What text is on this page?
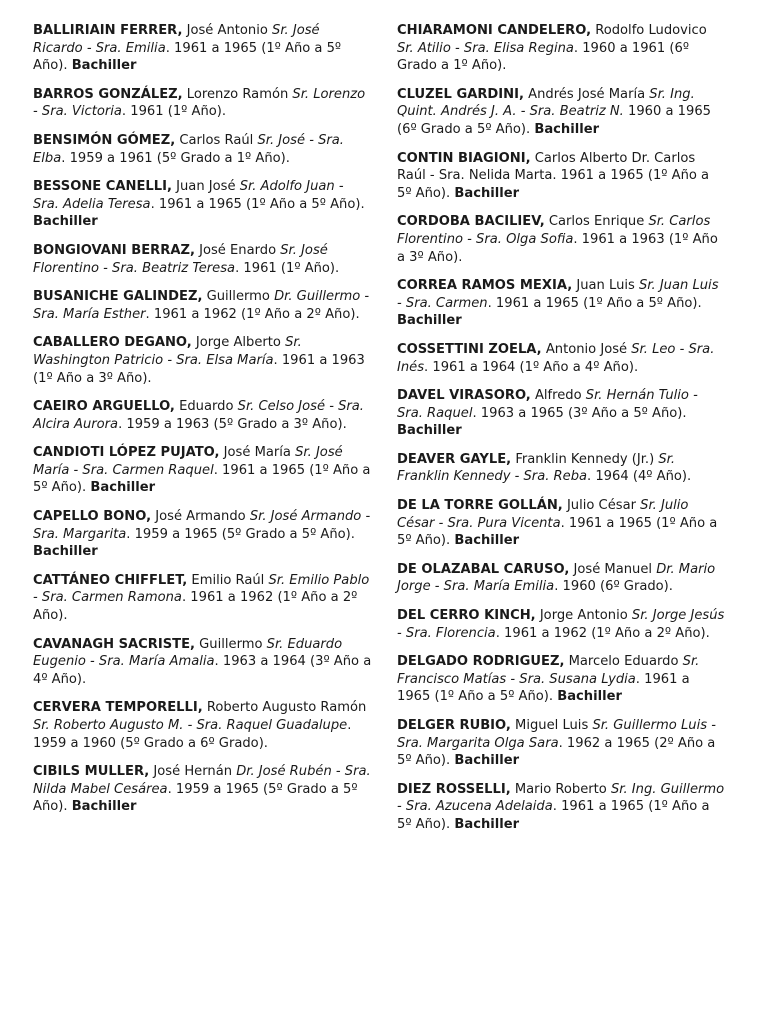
BALLIRIAIN FERRER, José Antonio Sr. José Ricardo - Sra. Emilia. 1961 a 1965 (1º Año a 5º Año). Bachiller

BARROS GONZÁLEZ, Lorenzo Ramón Sr. Lorenzo - Sra. Victoria. 1961 (1º Año).

BENSIMÓN GÓMEZ, Carlos Raúl Sr. José - Sra. Elba. 1959 a 1961 (5º Grado a 1º Año).

BESSONE CANELLI, Juan José Sr. Adolfo Juan - Sra. Adelia Teresa. 1961 a 1965 (1º Año a 5º Año). Bachiller

BONGIOVANI BERRAZ, José Enardo Sr. José Florentino - Sra. Beatriz Teresa. 1961 (1º Año).

BUSANICHE GALINDEZ, Guillermo Dr. Guillermo - Sra. María Esther. 1961 a 1962 (1º Año a 2º Año).

CABALLERO DEGANO, Jorge Alberto Sr. Washington Patricio - Sra. Elsa María. 1961 a 1963 (1º Año a 3º Año).

CAEIRO ARGUELLO, Eduardo Sr. Celso José - Sra. Alcira Aurora. 1959 a 1963 (5º Grado a 3º Año).

CANDIOTI LÓPEZ PUJATO, José María Sr. José María - Sra. Carmen Raquel. 1961 a 1965 (1º Año a 5º Año). Bachiller

CAPELLO BONO, José Armando Sr. José Armando - Sra. Margarita. 1959 a 1965 (5º Grado a 5º Año). Bachiller

CATTÁNEO CHIFFLET, Emilio Raúl Sr. Emilio Pablo - Sra. Carmen Ramona. 1961 a 1962 (1º Año a 2º Año).

CAVANAGH SACRISTE, Guillermo Sr. Eduardo Eugenio - Sra. María Amalia. 1963 a 1964 (3º Año a 4º Año).

CERVERA TEMPORELLI, Roberto Augusto Ramón Sr. Roberto Augusto M. - Sra. Raquel Guadalupe. 1959 a 1960 (5º Grado a 6º Grado).

CIBILS MULLER, José Hernán Dr. José Rubén - Sra. Nilda Mabel Cesárea. 1959 a 1965 (5º Grado a 5º Año). Bachiller

CHIARAMONI CANDELERO, Rodolfo Ludovico Sr. Atilio - Sra. Elisa Regina. 1960 a 1961 (6º Grado a 1º Año).

CLUZEL GARDINI, Andrés José María Sr. Ing. Quint. Andrés J. A. - Sra. Beatriz N. 1960 a 1965 (6º Grado a 5º Año). Bachiller

CONTIN BIAGIONI, Carlos Alberto Dr. Carlos Raúl - Sra. Nelida Marta. 1961 a 1965 (1º Año a 5º Año). Bachiller

CORDOBA BACILIEV, Carlos Enrique Sr. Carlos Florentino - Sra. Olga Sofia. 1961 a 1963 (1º Año a 3º Año).

CORREA RAMOS MEXIA, Juan Luis Sr. Juan Luis - Sra. Carmen. 1961 a 1965 (1º Año a 5º Año). Bachiller

COSSETTINI ZOELA, Antonio José Sr. Leo - Sra. Inés. 1961 a 1964 (1º Año a 4º Año).

DAVEL VIRASORO, Alfredo Sr. Hernán Tulio - Sra. Raquel. 1963 a 1965 (3º Año a 5º Año). Bachiller

DEAVER GAYLE, Franklin Kennedy (Jr.) Sr. Franklin Kennedy - Sra. Reba. 1964 (4º Año).

DE LA TORRE GOLLÁN, Julio César Sr. Julio César - Sra. Pura Vicenta. 1961 a 1965 (1º Año a 5º Año). Bachiller

DE OLAZABAL CARUSO, José Manuel Dr. Mario Jorge - Sra. María Emilia. 1960 (6º Grado).

DEL CERRO KINCH, Jorge Antonio Sr. Jorge Jesús - Sra. Florencia. 1961 a 1962 (1º Año a 2º Año).

DELGADO RODRIGUEZ, Marcelo Eduardo Sr. Francisco Matías - Sra. Susana Lydia. 1961 a 1965 (1º Año a 5º Año). Bachiller

DELGER RUBIO, Miguel Luis Sr. Guillermo Luis - Sra. Margarita Olga Sara. 1962 a 1965 (2º Año a 5º Año). Bachiller

DIEZ ROSSELLI, Mario Roberto Sr. Ing. Guillermo - Sra. Azucena Adelaida. 1961 a 1965 (1º Año a 5º Año). Bachiller
